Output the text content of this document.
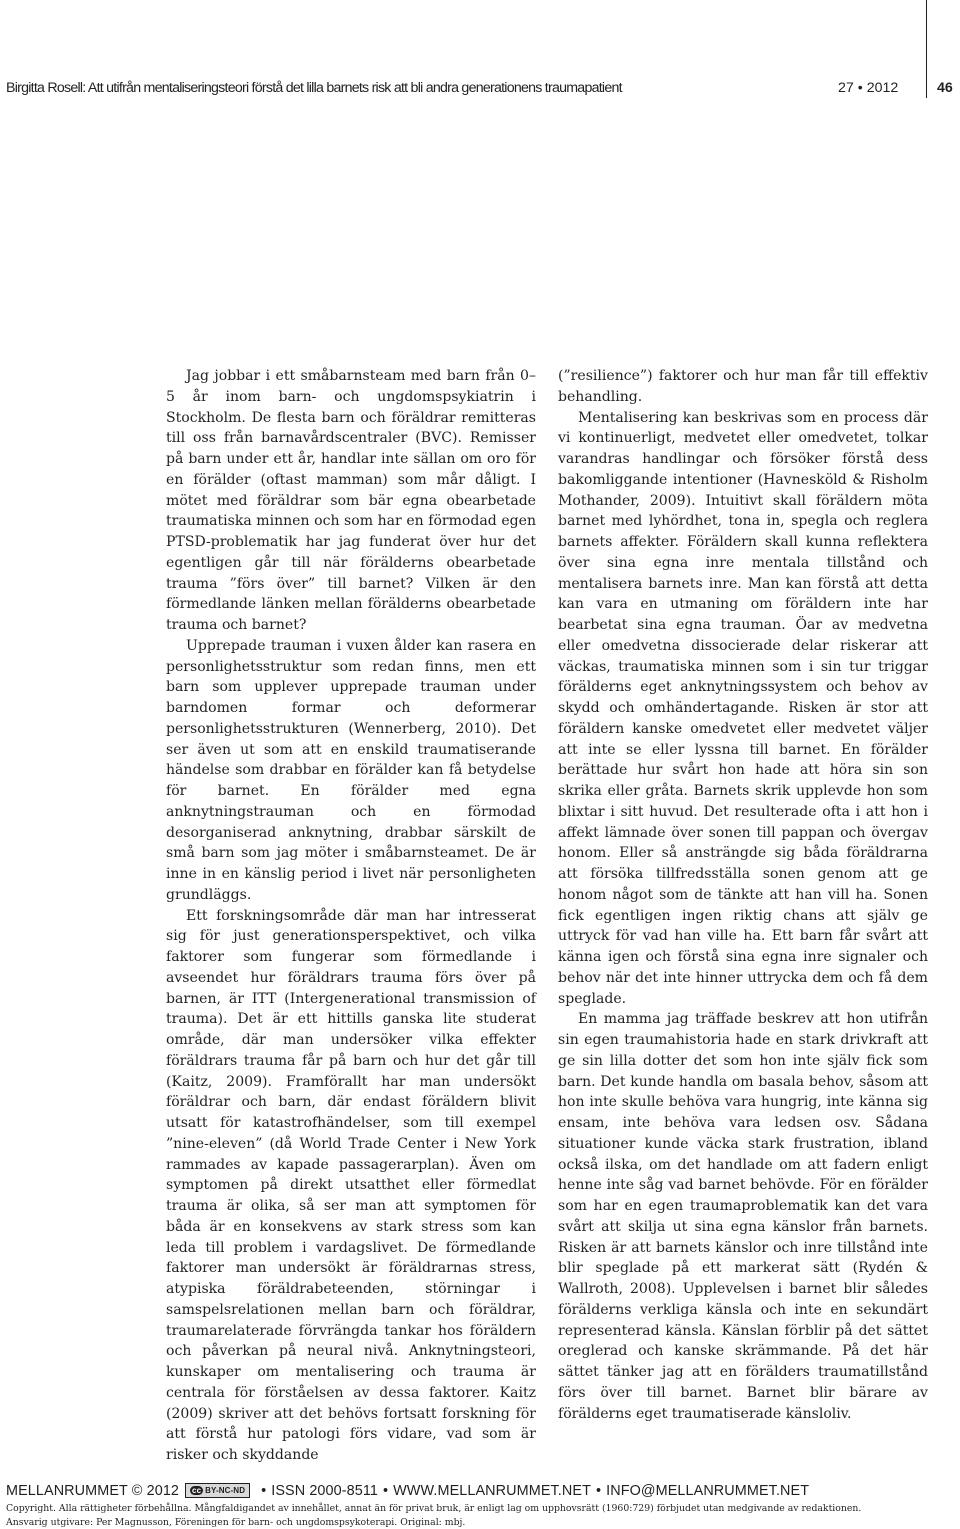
Birgitta Rosell: Att utifrån mentaliseringsteori förstå det lilla barnets risk att bli andra generationens traumapatient	27 • 2012	46

Jag jobbar i ett småbarnsteam med barn från 0–5 år inom barn- och ungdomspsykiatrin i Stockholm. De flesta barn och föräldrar remitteras till oss från barnavårdscentraler (BVC). Remisser på barn under ett år, handlar inte sällan om oro för en förälder (oftast mamman) som mår dåligt. I mötet med föräldrar som bär egna obearbetade traumatiska minnen och som har en förmodad egen PTSD-problematik har jag funderat över hur det egentligen går till när förälderns obearbetade trauma ”förs över” till barnet? Vilken är den förmedlande länken mellan förälderns obearbetade trauma och barnet?

Upprepade trauman i vuxen ålder kan rasera en personlighetsstruktur som redan finns, men ett barn som upplever upprepade trauman under barndomen formar och deformerar personlighetsstrukturen (Wennerberg, 2010). Det ser även ut som att en enskild traumatiserande händelse som drabbar en förälder kan få betydelse för barnet. En förälder med egna anknytningstrauman och en förmodad desorganiserad anknytning, drabbar särskilt de små barn som jag möter i småbarnsteamet. De är inne in en känslig period i livet när personligheten grundläggs.

Ett forskningsområde där man har intresserat sig för just generationsperspektivet, och vilka faktorer som fungerar som förmedlande i avseendet hur föräldrars trauma förs över på barnen, är ITT (Intergenerational transmission of trauma). Det är ett hittills ganska lite studerat område, där man undersöker vilka effekter föräldrars trauma får på barn och hur det går till (Kaitz, 2009). Framförallt har man undersökt föräldrar och barn, där endast föräldern blivit utsatt för katastrofhändelser, som till exempel ”nine-eleven” (då World Trade Center i New York rammades av kapade passagerarplan). Även om symptomen på direkt utsatthet eller förmedlat trauma är olika, så ser man att symptomen för båda är en konsekvens av stark stress som kan leda till problem i vardagslivet. De förmedlande faktorer man undersökt är föräldrarnas stress, atypiska föräldrabeteenden, störningar i samspelsrelationen mellan barn och föräldrar, traumarelaterade förvrängda tankar hos föräldern och påverkan på neural nivå. Anknytningsteori, kunskaper om mentalisering och trauma är centrala för förståelsen av dessa faktorer. Kaitz (2009) skriver att det behövs fortsatt forskning för att förstå hur patologi förs vidare, vad som är risker och skyddande

(”resilience”) faktorer och hur man får till effektiv behandling.

Mentalisering kan beskrivas som en process där vi kontinuerligt, medvetet eller omedvetet, tolkar varandras handlingar och försöker förstå dess bakomliggande intentioner (Havnesköld & Risholm Mothander, 2009). Intuitivt skall föräldern möta barnet med lyhördhet, tona in, spegla och reglera barnets affekter. Föräldern skall kunna reflektera över sina egna inre mentala tillstånd och mentalisera barnets inre. Man kan förstå att detta kan vara en utmaning om föräldern inte har bearbetat sina egna trauman. Öar av medvetna eller omedvetna dissocierade delar riskerar att väckas, traumatiska minnen som i sin tur triggar förälderns eget anknytningssystem och behov av skydd och omhändertagande. Risken är stor att föräldern kanske omedvetet eller medvetet väljer att inte se eller lyssna till barnet. En förälder berättade hur svårt hon hade att höra sin son skrika eller gråta. Barnets skrik upplevde hon som blixtar i sitt huvud. Det resulterade ofta i att hon i affekt lämnade över sonen till pappan och övergav honom. Eller så ansträngde sig båda föräldrarna att försöka tillfredsställa sonen genom att ge honom något som de tänkte att han vill ha. Sonen fick egentligen ingen riktig chans att själv ge uttryck för vad han ville ha. Ett barn får svårt att känna igen och förstå sina egna inre signaler och behov när det inte hinner uttrycka dem och få dem speglade.

En mamma jag träffade beskrev att hon utifrån sin egen traumahistoria hade en stark drivkraft att ge sin lilla dotter det som hon inte själv fick som barn. Det kunde handla om basala behov, såsom att hon inte skulle behöva vara hungrig, inte känna sig ensam, inte behöva vara ledsen osv. Sådana situationer kunde väcka stark frustration, ibland också ilska, om det handlade om att fadern enligt henne inte såg vad barnet behövde. För en förälder som har en egen traumaproblematik kan det vara svårt att skilja ut sina egna känslor från barnets. Risken är att barnets känslor och inre tillstånd inte blir speglade på ett markerat sätt (Rydén & Wallroth, 2008). Upplevelsen i barnet blir således förälderns verkliga känsla och inte en sekundärt representerad känsla. Känslan förblir på det sättet oreglerad och kanske skrämmande. På det här sättet tänker jag att en förälders traumatillstånd förs över till barnet. Barnet blir bärare av förälderns eget traumatiserade känsloliv.

MELLANRUMMET © 2012 cc BY-NC-ND • ISSN 2000-8511 • WWW.MELLANRUMMET.NET • INFO@MELLANRUMMET.NET
Copyright. Alla rättigheter förbehållna. Mångfaldigandet av innehållet, annat än för privat bruk, är enligt lag om upphovsrätt (1960:729) förbjudet utan medgivande av redaktionen.
Ansvarig utgivare: Per Magnusson, Föreningen för barn- och ungdomspsykoterapi. Original: mbj.
